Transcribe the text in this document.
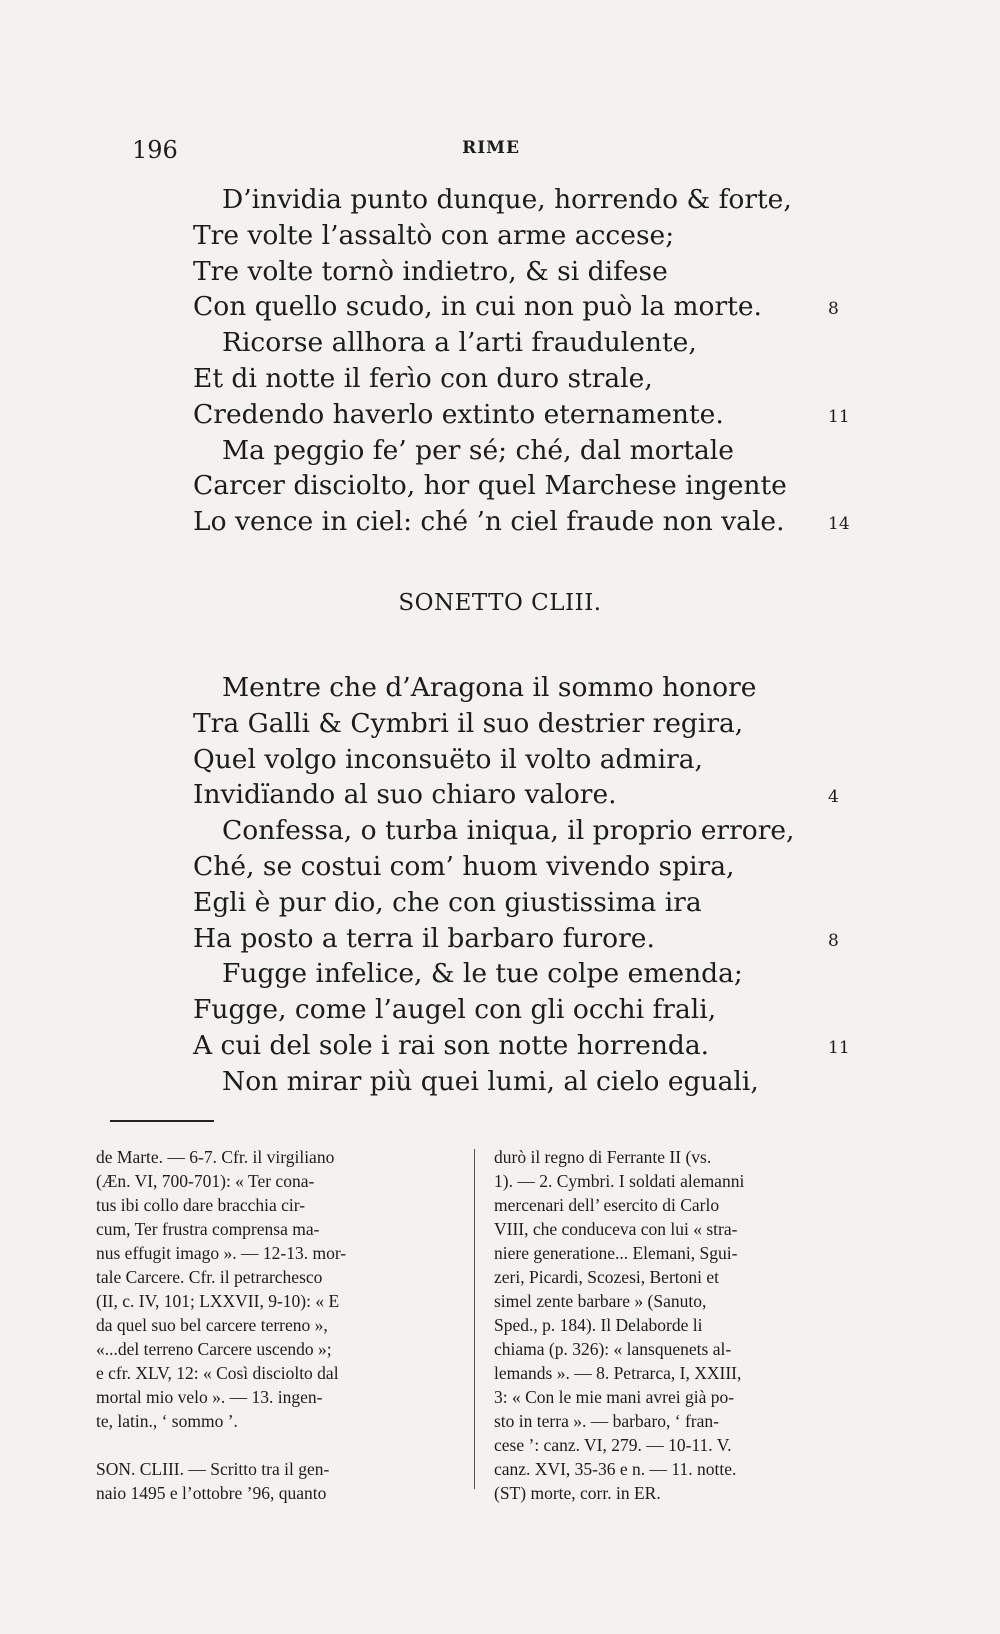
196	RIME
D’invidia punto dunque, horrendo & forte,
Tre volte l’assaltò con arme accese;
Tre volte tornò indietro, & si difese
Con quello scudo, in cui non può la morte.	8
Ricorse allhora a l’arti fraudulente,
Et di notte il ferìo con duro strale,
Credendo haverlo extinto eternamente.	11
Ma peggio fe’ per sé; ché, dal mortale
Carcer disciolto, hor quel Marchese ingente
Lo vence in ciel: ché ’n ciel fraude non vale.	14
SONETTO CLIII.
Mentre che d’Aragona il sommo honore
Tra Galli & Cymbri il suo destrier regira,
Quel volgo inconsuëto il volto admira,
Invidïando al suo chiaro valore.	4
Confessa, o turba iniqua, il proprio errore,
Ché, se costui com’ huom vivendo spira,
Egli è pur dio, che con giustissima ira
Ha posto a terra il barbaro furore.	8
Fugge infelice, & le tue colpe emenda;
Fugge, come l’augel con gli occhi frali,
A cui del sole i rai son notte horrenda.	11
Non mirar più quei lumi, al cielo eguali,
de Marte. — 6-7. Cfr. il virgiliano
(Æn. VI, 700-701): « Ter cona-
tus ibi collo dare bracchia cir-
cum, Ter frustra comprensa ma-
nus effugit imago ». — 12-13. mor-
tale Carcere. Cfr. il petrarchesco
(II, c. IV, 101; LXXVII, 9-10): « E
da quel suo bel carcere terreno »,
«...del terreno Carcere uscendo »;
e cfr. XLV, 12: « Così disciolto dal
mortal mio velo ». — 13. ingen-
te, latin., ‘ sommo ’.
SON. CLIII. — Scritto tra il gen-
naio 1495 e l’ottobre ’96, quanto
durò il regno di Ferrante II (vs.
1). — 2. Cymbri. I soldati alemanni
mercenari dell’ esercito di Carlo
VIII, che conduceva con lui « stra-
niere generatione... Elemani, Sgui-
zeri, Picardi, Scozesi, Bertoni et
simel zente barbare » (Sanuto,
Sped., p. 184). Il Delaborde li
chiama (p. 326): « lansquenets al-
lemands ». — 8. Petrarca, I, XXIII,
3: « Con le mie mani avrei già po-
sto in terra ». — barbaro, ‘ fran-
cese ’: canz. VI, 279. — 10-11. V.
canz. XVI, 35-36 e n. — 11. notte.
(ST) morte, corr. in ER.
